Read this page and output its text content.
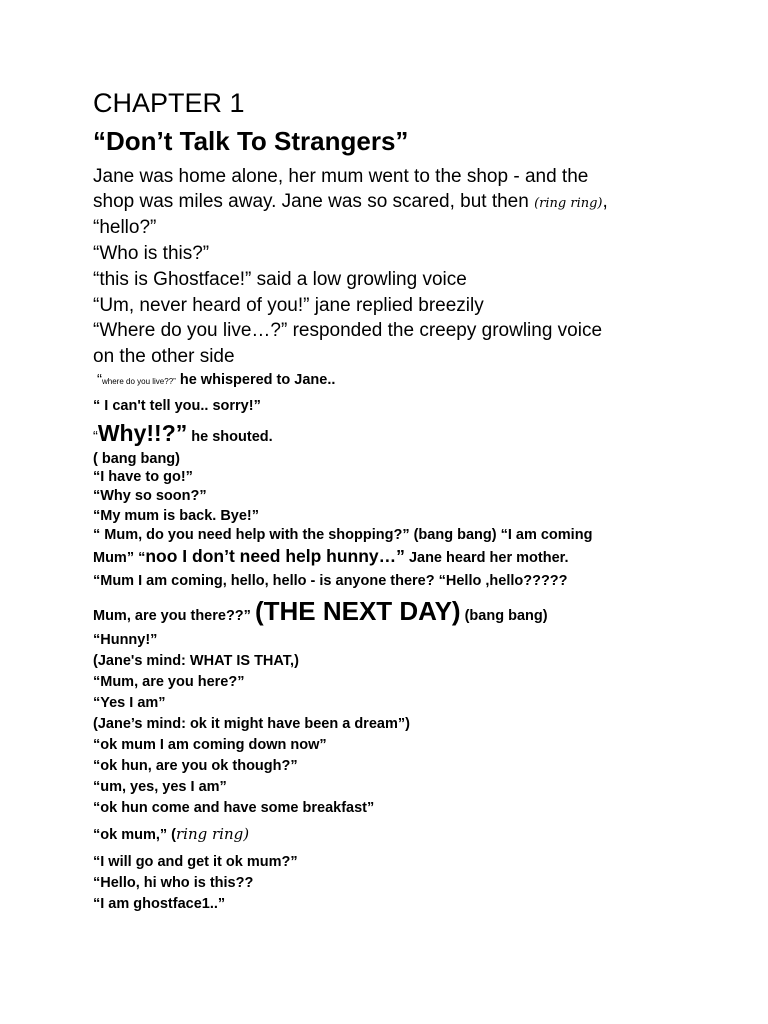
CHAPTER 1
“Don’t Talk To Strangers”
Jane was home alone, her mum went to the shop - and the
shop was miles away. Jane was so scared, but then (ring ring),
“hello?”
“Who is this?”
“this is Ghostface!” said a low growling voice
“Um, never heard of you!” jane replied breezily
“Where do you live…?” responded the creepy growling voice
on the other side
“where do you live??” he whispered to Jane..
“ I can't tell you.. sorry!”
“Why!!?” he shouted.
( bang bang)
“I have to go!”
“Why so soon?”
“My mum is back. Bye!”
“ Mum, do you need help with the shopping?” (bang bang) “I am coming
Mum” “noo I don’t need help hunny…” Jane heard her mother.
“Mum I am coming, hello, hello - is anyone there? “Hello ,hello?????
Mum, are you there??” (THE NEXT DAY) (bang bang)
“Hunny!”
(Jane's mind: WHAT IS THAT,)
“Mum, are you here?”
“Yes I am”
(Jane’s mind: ok it might have been a dream”)
“ok mum I am coming down now”
“ok hun, are you ok though?”
“um, yes, yes I am”
“ok hun come and have some breakfast”
“ok mum,” (ring ring)
“I will go and get it ok mum?”
“Hello, hi who is this??
“I am ghostface1..”
